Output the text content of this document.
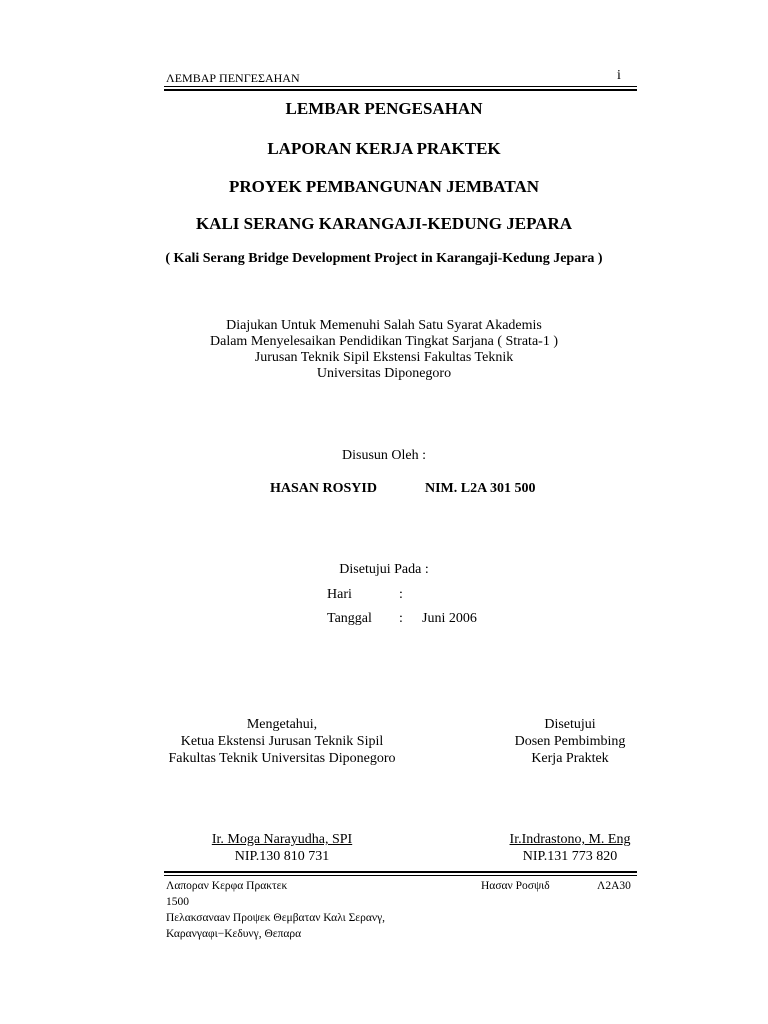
ΛΕΜΒΑΡ ΠΕΝΓΕΣΑΗΑΝ	i
LEMBAR PENGESAHAN
LAPORAN KERJA PRAKTEK
PROYEK PEMBANGUNAN JEMBATAN
KALI SERANG KARANGAJI-KEDUNG JEPARA
( Kali Serang Bridge Development Project in Karangaji-Kedung Jepara )
Diajukan Untuk Memenuhi Salah Satu Syarat Akademis
Dalam Menyelesaikan Pendidikan Tingkat Sarjana ( Strata-1 )
Jurusan Teknik Sipil Ekstensi Fakultas Teknik
Universitas Diponegoro
Disusun Oleh :
HASAN ROSYID	NIM. L2A 301 500
Disetujui Pada :
Hari	:
Tanggal : Juni 2006
Mengetahui,
Ketua Ekstensi Jurusan Teknik Sipil
Fakultas Teknik Universitas Diponegoro
Ir. Moga Narayudha, SPI
NIP.130 810 731
Disetujui
Dosen Pembimbing
Kerja Praktek
Ir.Indrastono, M. Eng
NIP.131 773 820
Λαποραν Κερφα Πρακτεκ
1500
Πελακσαναaν Προψεκ Θεμβαταν Καλι Σερανγ,
Καρανγαφι−Κεδυνγ, Θεπαρα
Ηασαν Ροσψιδ	Λ2Α30
